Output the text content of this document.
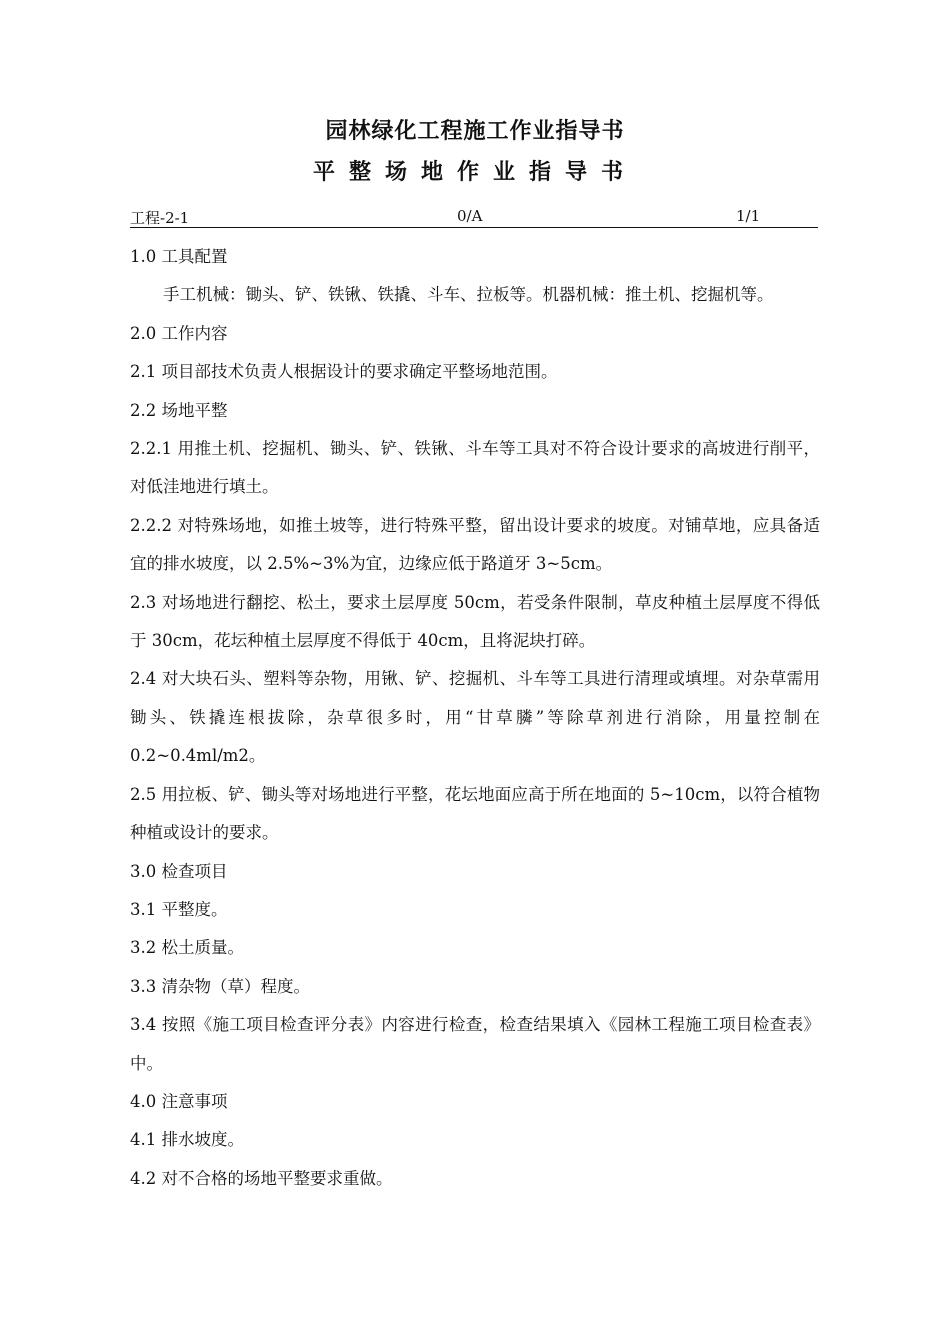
园林绿化工程施工作业指导书
平整场地作业指导书
工程-2-1	0/A	1/1

1.0 工具配置

手工机械：锄头、铲、铁锹、铁撬、斗车、拉板等。机器机械：推土机、挖掘机等。

2.0 工作内容

2.1 项目部技术负责人根据设计的要求确定平整场地范围。

2.2 场地平整

2.2.1 用推土机、挖掘机、锄头、铲、铁锹、斗车等工具对不符合设计要求的高坡进行削平，对低洼地进行填土。

2.2.2 对特殊场地，如推土坡等，进行特殊平整，留出设计要求的坡度。对铺草地，应具备适宜的排水坡度，以 2.5%~3%为宜，边缘应低于路道牙 3~5cm。

2.3 对场地进行翻挖、松土，要求土层厚度 50cm，若受条件限制，草皮种植土层厚度不得低于 30cm，花坛种植土层厚度不得低于 40cm，且将泥块打碎。

2.4 对大块石头、塑料等杂物，用锹、铲、挖掘机、斗车等工具进行清理或填埋。对杂草需用锄头、铁撬连根拔除，杂草很多时，用“甘草膦”等除草剂进行消除，用量控制在 0.2~0.4ml/m2。

2.5 用拉板、铲、锄头等对场地进行平整，花坛地面应高于所在地面的 5~10cm，以符合植物种植或设计的要求。

3.0 检查项目

3.1 平整度。

3.2 松土质量。

3.3 清杂物（草）程度。

3.4 按照《施工项目检查评分表》内容进行检查，检查结果填入《园林工程施工项目检查表》中。

4.0 注意事项

4.1 排水坡度。

4.2 对不合格的场地平整要求重做。
